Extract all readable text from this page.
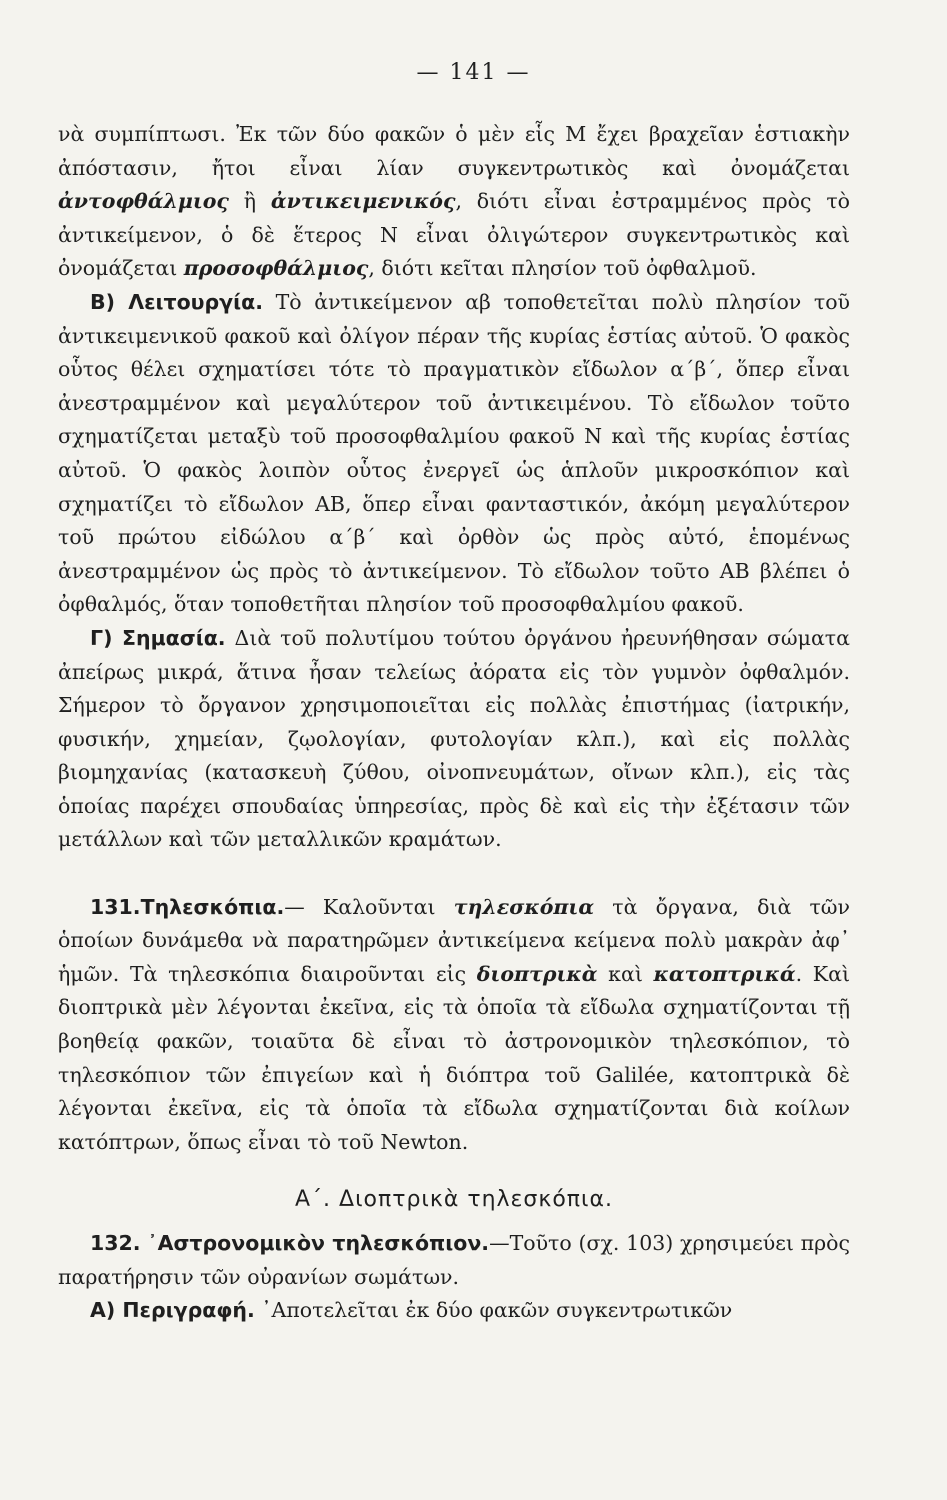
— 141 —

νὰ συμπίπτωσι. Ἐκ τῶν δύο φακῶν ὁ μὲν εἷς Μ ἔχει βραχεῖαν ἑστιακὴν ἀπόστασιν, ἤτοι εἶναι λίαν συγκεντρωτικὸς καὶ ὀνομάζεται ἀντοφθάλμιος ἢ ἀντικειμενικός, διότι εἶναι ἐστραμμένος πρὸς τὸ ἀντικείμενον, ὁ δὲ ἕτερος Ν εἶναι ὀλιγώτερον συγκεντρωτικὸς καὶ ὀνομάζεται προσοφθάλμιος, διότι κεῖται πλησίον τοῦ ὀφθαλμοῦ.

Β) Λειτουργία. Τὸ ἀντικείμενον αβ τοποθετεῖται πολὺ πλησίον τοῦ ἀντικειμενικοῦ φακοῦ καὶ ὀλίγον πέραν τῆς κυρίας ἑστίας αὐτοῦ. Ὁ φακὸς οὗτος θέλει σχηματίσει τότε τὸ πραγματικὸν εἴδωλον α΄β΄, ὅπερ εἶναι ἀνεστραμμένον καὶ μεγαλύτερον τοῦ ἀντικειμένου. Τὸ εἴδωλον τοῦτο σχηματίζεται μεταξὺ τοῦ προσοφθαλμίου φακοῦ Ν καὶ τῆς κυρίας ἑστίας αὐτοῦ. Ὁ φακὸς λοιπὸν οὗτος ἐνεργεῖ ὡς ἁπλοῦν μικροσκόπιον καὶ σχηματίζει τὸ εἴδωλον ΑΒ, ὅπερ εἶναι φανταστικόν, ἀκόμη μεγαλύτερον τοῦ πρώτου εἰδώλου α΄β΄ καὶ ὀρθὸν ὡς πρὸς αὐτό, ἑπομένως ἀνεστραμμένον ὡς πρὸς τὸ ἀντικείμενον. Τὸ εἴδωλον τοῦτο ΑΒ βλέπει ὁ ὀφθαλμός, ὅταν τοποθετῆται πλησίον τοῦ προσοφθαλμίου φακοῦ.

Γ) Σημασία. Διὰ τοῦ πολυτίμου τούτου ὀργάνου ἠρευνήθησαν σώματα ἀπείρως μικρά, ἅτινα ἦσαν τελείως ἀόρατα εἰς τὸν γυμνὸν ὀφθαλμόν. Σήμερον τὸ ὄργανον χρησιμοποιεῖται εἰς πολλὰς ἐπιστήμας (ἰατρικήν, φυσικήν, χημείαν, ζῳολογίαν, φυτολογίαν κλπ.), καὶ εἰς πολλὰς βιομηχανίας (κατασκευὴ ζύθου, οἰνοπνευμάτων, οἴνων κλπ.), εἰς τὰς ὁποίας παρέχει σπουδαίας ὑπηρεσίας, πρὸς δὲ καὶ εἰς τὴν ἐξέτασιν τῶν μετάλλων καὶ τῶν μεταλλικῶν κραμάτων.

131.Τηλεσκόπια.— Καλοῦνται τηλεσκόπια τὰ ὄργανα, διὰ τῶν ὁποίων δυνάμεθα νὰ παρατηρῶμεν ἀντικείμενα κείμενα πολὺ μακρὰν ἀφ᾽ ἡμῶν. Τὰ τηλεσκόπια διαιροῦνται εἰς διοπτρικὰ καὶ κατοπτρικά. Καὶ διοπτρικὰ μὲν λέγονται ἐκεῖνα, εἰς τὰ ὁποῖα τὰ εἴδωλα σχηματίζονται τῇ βοηθείᾳ φακῶν, τοιαῦτα δὲ εἶναι τὸ ἀστρονομικὸν τηλεσκόπιον, τὸ τηλεσκόπιον τῶν ἐπιγείων καὶ ἡ διόπτρα τοῦ Galilée, κατοπτρικὰ δὲ λέγονται ἐκεῖνα, εἰς τὰ ὁποῖα τὰ εἴδωλα σχηματίζονται διὰ κοίλων κατόπτρων, ὅπως εἶναι τὸ τοῦ Newton.

Α΄. Διοπτρικὰ τηλεσκόπια.

132. ᾿Αστρονομικὸν τηλεσκόπιον.—Τοῦτο (σχ. 103) χρησιμεύει πρὸς παρατήρησιν τῶν οὐρανίων σωμάτων.

Α) Περιγραφή. ᾿Αποτελεῖται ἐκ δύο φακῶν συγκεντρωτικῶν
